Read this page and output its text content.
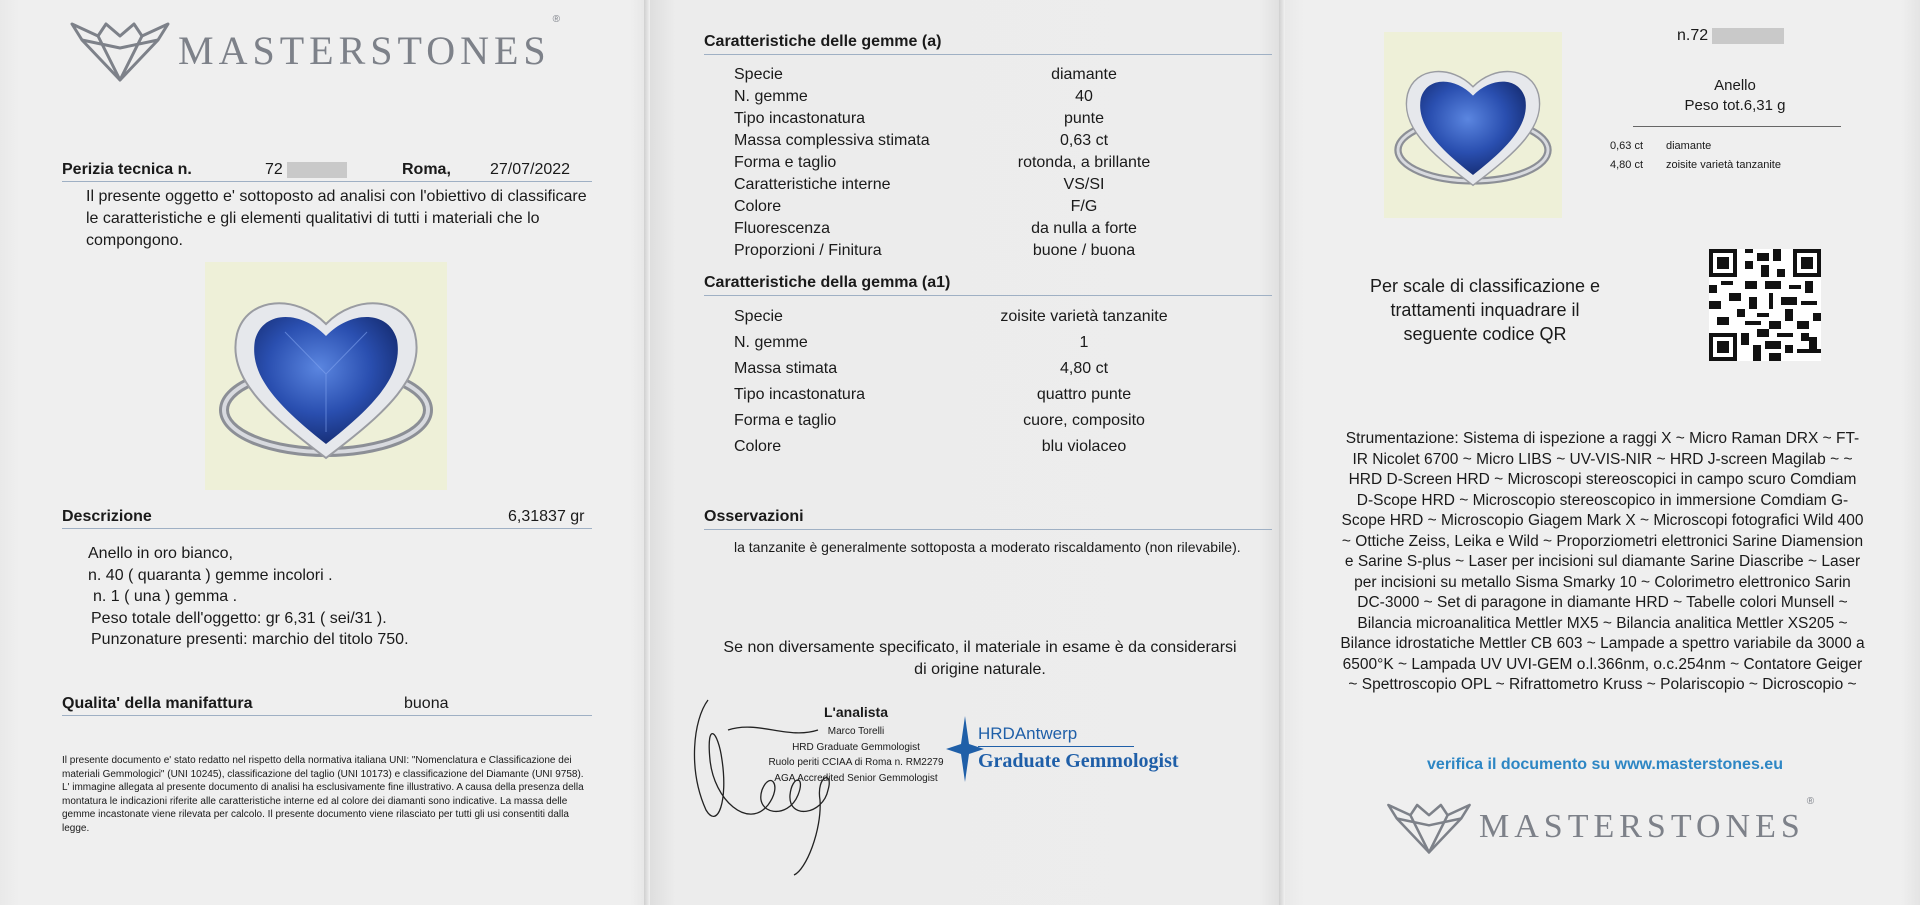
MASTERSTONES
®
Perizia tecnica n.	72	Roma, 27/07/2022
Il presente oggetto e' sottoposto ad analisi con l'obiettivo di classificare le caratteristiche e gli elementi qualitativi di tutti i materiali che lo compongono.
Descrizione	6,31837 gr
Anello in oro bianco,
n. 40 ( quaranta ) gemme incolori .
n. 1 ( una ) gemma .
Peso totale dell'oggetto: gr 6,31 ( sei/31 ).
Punzonature presenti: marchio del titolo 750.
Qualita' della manifattura	buona
Il presente documento e' stato redatto nel rispetto della normativa italiana UNI: "Nomenclatura e Classificazione dei materiali Gemmologici" (UNI 10245), classificazione del taglio (UNI 10173) e classificazione del Diamante (UNI 9758). L' immagine allegata al presente documento di analisi ha esclusivamente fine illustrativo. A causa della presenza della montatura le indicazioni riferite alle caratteristiche interne ed al colore dei diamanti sono indicative. La massa delle gemme incastonate viene rilevata per calcolo. Il presente documento viene rilasciato per tutti gli usi consentiti dalla legge.
Caratteristiche delle gemme (a)
Specie	diamante
N. gemme	40
Tipo incastonatura	punte
Massa complessiva stimata	0,63 ct
Forma e taglio	rotonda, a brillante
Caratteristiche interne	VS/SI
Colore	F/G
Fluorescenza	da nulla a forte
Proporzioni / Finitura	buone / buona
Caratteristiche della gemma (a1)
Specie	zoisite varietà tanzanite
N. gemme	1
Massa stimata	4,80 ct
Tipo incastonatura	quattro punte
Forma e taglio	cuore, composito
Colore	blu violaceo
Osservazioni
la tanzanite è generalmente sottoposta a moderato riscaldamento (non rilevabile).
Se non diversamente specificato, il materiale in esame è da considerarsi di origine naturale.
L'analista
Marco Torelli
HRD Graduate Gemmologist
Ruolo periti CCIAA di Roma n. RM2279
AGA Accredited Senior Gemmologist
HRDAntwerp
Graduate Gemmologist
n.72
Anello
Peso tot.6,31 g
0,63 ct diamante
4,80 ct zoisite varietà tanzanite
Per scale di classificazione e trattamenti inquadrare il seguente codice QR
Strumentazione: Sistema di ispezione a raggi X ~ Micro Raman DRX ~ FT-IR Nicolet 6700 ~ Micro LIBS ~ UV-VIS-NIR ~ HRD J-screen Magilab ~ ~ HRD D-Screen HRD ~ Microscopi stereoscopici in campo scuro Comdiam D-Scope HRD ~ Microscopio stereoscopico in immersione Comdiam G-Scope HRD ~ Microscopio Giagem Mark X ~ Microscopi fotografici Wild 400 ~ Ottiche Zeiss, Leika e Wild ~ Proporziometri elettronici Sarine Diamension e Sarine S-plus ~ Laser per incisioni sul diamante Sarine Diascribe ~ Laser per incisioni su metallo Sisma Smarky 10 ~ Colorimetro elettronico Sarin DC-3000 ~ Set di paragone in diamante HRD ~ Tabelle colori Munsell ~ Bilancia microanalitica Mettler MX5 ~ Bilancia analitica Mettler XS205 ~ Bilance idrostatiche Mettler CB 603 ~ Lampade a spettro variabile da 3000 a 6500°K ~ Lampada UV UVI-GEM o.l.366nm, o.c.254nm ~ Contatore Geiger ~ Spettroscopio OPL ~ Rifrattometro Kruss ~ Polariscopio ~ Dicroscopio ~
verifica il documento su www.masterstones.eu
MASTERSTONES
®
